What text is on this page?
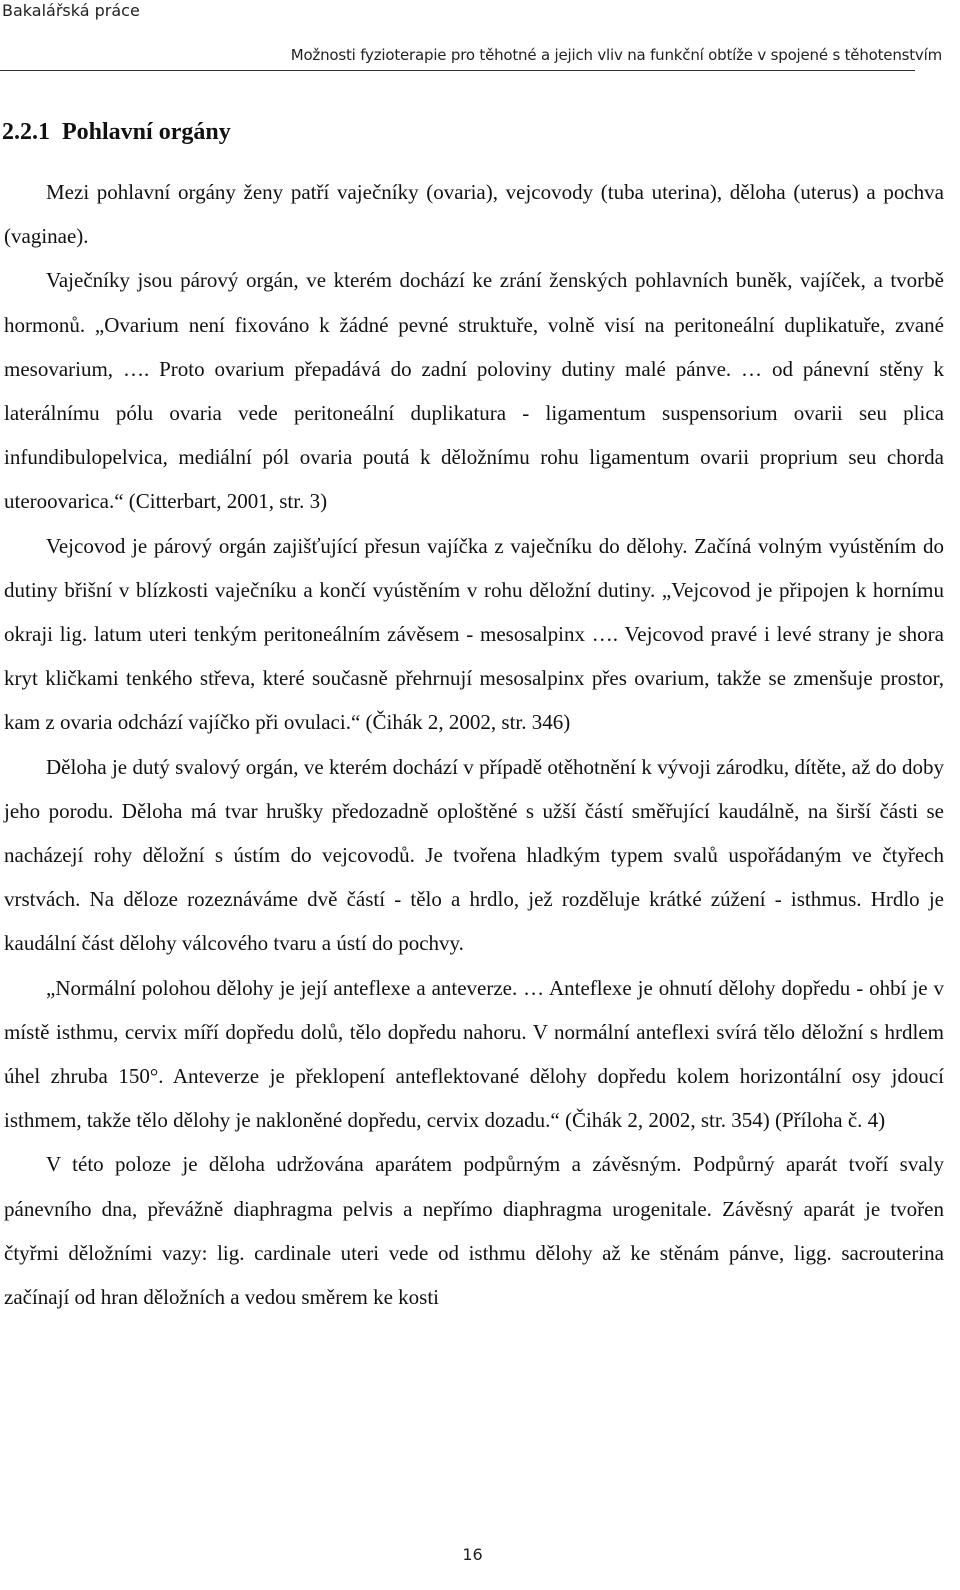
Bakalářská práce
Možnosti fyzioterapie pro těhotné a jejich vliv na funkční obtíže v spojené s těhotenstvím
2.2.1 Pohlavní orgány

Mezi pohlavní orgány ženy patří vaječníky (ovaria), vejcovody (tuba uterina), děloha (uterus) a pochva (vaginae).

Vaječníky jsou párový orgán, ve kterém dochází ke zrání ženských pohlavních buněk, vajíček, a tvorbě hormonů. „Ovarium není fixováno k žádné pevné struktuře, volně visí na peritoneální duplikatuře, zvané mesovarium, …. Proto ovarium přepadává do zadní poloviny dutiny malé pánve. … od pánevní stěny k laterálnímu pólu ovaria vede peritoneální duplikatura - ligamentum suspensorium ovarii seu plica infundibulopelvica, mediální pól ovaria poutá k děložnímu rohu ligamentum ovarii proprium seu chorda uteroovarica.“ (Citterbart, 2001, str. 3)

Vejcovod je párový orgán zajišťující přesun vajíčka z vaječníku do dělohy. Začíná volným vyústěním do dutiny břišní v blízkosti vaječníku a končí vyústěním v rohu děložní dutiny. „Vejcovod je připojen k hornímu okraji lig. latum uteri tenkým peritoneálním závěsem - mesosalpinx …. Vejcovod pravé i levé strany je shora kryt kličkami tenkého střeva, které současně přehrnují mesosalpinx přes ovarium, takže se zmenšuje prostor, kam z ovaria odchází vajíčko při ovulaci.“ (Čihák 2, 2002, str. 346)

Děloha je dutý svalový orgán, ve kterém dochází v případě otěhotnění k vývoji zárodku, dítěte, až do doby jeho porodu. Děloha má tvar hrušky předozadně oploštěné s užší částí směřující kaudálně, na širší části se nacházejí rohy děložní s ústím do vejcovodů. Je tvořena hladkým typem svalů uspořádaným ve čtyřech vrstvách. Na děloze rozeznáváme dvě částí - tělo a hrdlo, jež rozděluje krátké zúžení - isthmus. Hrdlo je kaudální část dělohy válcového tvaru a ústí do pochvy.

„Normální polohou dělohy je její anteflexe a anteverze. … Anteflexe je ohnutí dělohy dopředu - ohbí je v místě isthmu, cervix míří dopředu dolů, tělo dopředu nahoru. V normální anteflexi svírá tělo děložní s hrdlem úhel zhruba 150°. Anteverze je překlopení anteflektované dělohy dopředu kolem horizontální osy jdoucí isthmem, takže tělo dělohy je nakloněné dopředu, cervix dozadu.“ (Čihák 2, 2002, str. 354) (Příloha č. 4)

V této poloze je děloha udržována aparátem podpůrným a závěsným. Podpůrný aparát tvoří svaly pánevního dna, převážně diaphragma pelvis a nepřímo diaphragma urogenitale. Závěsný aparát je tvořen čtyřmi děložními vazy: lig. cardinale uteri vede od isthmu dělohy až ke stěnám pánve, ligg. sacrouterina začínají od hran děložních a vedou směrem ke kosti

16
